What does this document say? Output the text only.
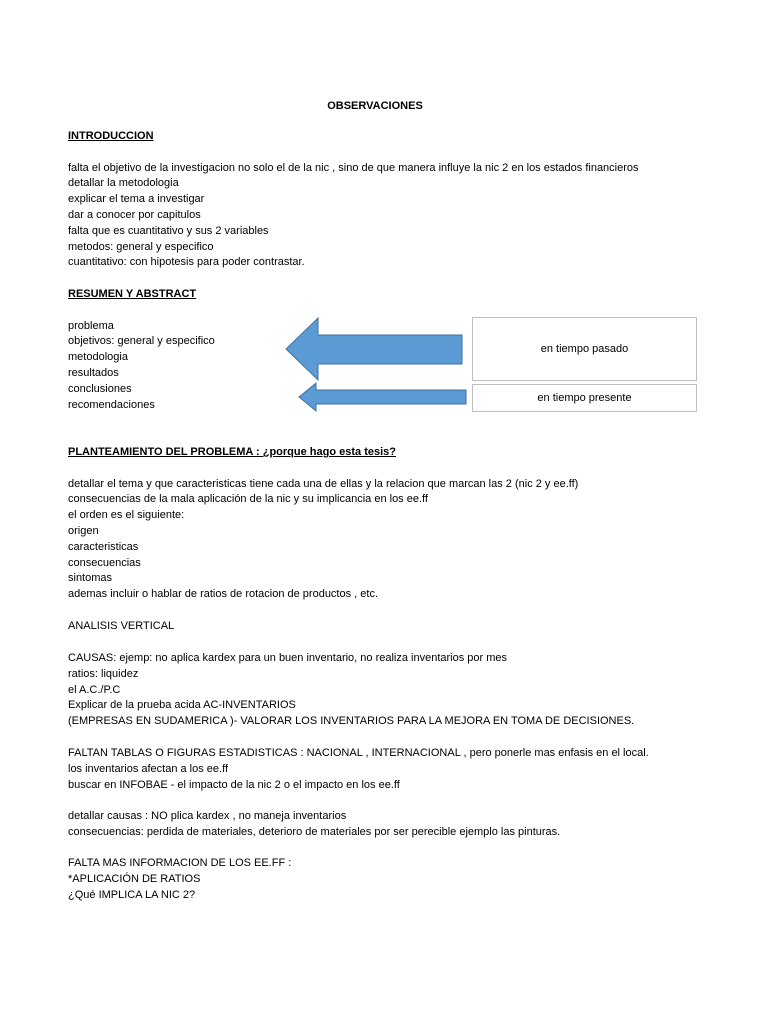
OBSERVACIONES
INTRODUCCION
falta el objetivo de la investigacion no solo el de la nic , sino de que manera influye la nic 2 en los estados financieros
detallar la metodologia
explicar el tema a investigar
dar a conocer por capitulos
falta que es cuantitativo y sus 2 variables
metodos: general y especifico
cuantitativo: con hipotesis para poder contrastar.
RESUMEN Y ABSTRACT
problema
objetivos: general y especifico
metodologia
resultados
conclusiones
recomendaciones
en tiempo pasado
en tiempo presente
PLANTEAMIENTO DEL PROBLEMA : ¿porque hago esta tesis?
detallar el tema y que caracteristicas tiene cada una de ellas y la relacion que marcan las 2 (nic 2 y ee.ff)
consecuencias de la mala aplicación de la nic y su implicancia en los ee.ff
el orden es el siguiente:
origen
caracteristicas
consecuencias
sintomas
ademas incluir o hablar de ratios de rotacion de productos , etc.
ANALISIS VERTICAL
CAUSAS: ejemp: no aplica kardex para un buen inventario, no realiza inventarios por mes
ratios: liquidez
el A.C./P.C
Explicar de la prueba acida AC-INVENTARIOS
(EMPRESAS EN SUDAMERICA )- VALORAR LOS INVENTARIOS PARA LA MEJORA EN TOMA DE DECISIONES.
FALTAN TABLAS O FIGURAS ESTADISTICAS : NACIONAL , INTERNACIONAL , pero ponerle mas enfasis en el local.
los inventarios afectan a los ee.ff
buscar en INFOBAE - el impacto de la nic 2 o el impacto en los ee.ff
detallar causas : NO plica kardex , no maneja inventarios
consecuencias: perdida de materiales, deterioro de materiales por ser perecible ejemplo las pinturas.
FALTA MAS INFORMACION DE LOS EE.FF :
*APLICACIÓN DE RATIOS
¿Qué IMPLICA LA NIC 2?
